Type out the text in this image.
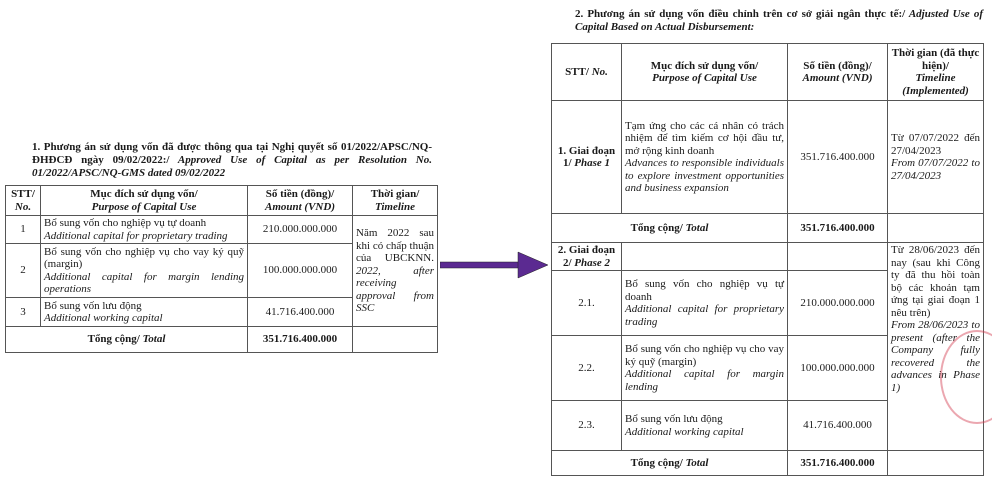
1. Phương án sử dụng vốn đã được thông qua tại Nghị quyết số 01/2022/APSC/NQ-ĐHĐCĐ ngày 09/02/2022:/ Approved Use of Capital as per Resolution No. 01/2022/APSC/NQ-GMS dated 09/02/2022
STT/
No.	Mục đích sử dụng vốn/
Purpose of Capital Use	Số tiền (đồng)/
Amount (VND)	Thời gian/
Timeline
1	Bổ sung vốn cho nghiệp vụ tự doanh
Additional capital for proprietary trading	210.000.000.000	Năm 2022 sau khi có chấp thuận của UBCKNN. 2022, after receiving approval from SSC
2	Bổ sung vốn cho nghiệp vụ cho vay ký quỹ (margin)
Additional capital for margin lending operations	100.000.000.000	
3	Bổ sung vốn lưu động
Additional working capital	41.716.400.000	
Tổng cộng/ Total		351.716.400.000	
2. Phương án sử dụng vốn điều chỉnh trên cơ sở giải ngân thực tế:/ Adjusted Use of Capital Based on Actual Disbursement:
STT/ No.	Mục đích sử dụng vốn/
Purpose of Capital Use	Số tiền (đồng)/
Amount (VND)	Thời gian (đã thực hiện)/
Timeline (Implemented)
1. Giai đoạn 1/ Phase 1	Tạm ứng cho các cá nhân có trách nhiệm để tìm kiếm cơ hội đầu tư, mở rộng kinh doanh
Advances to responsible individuals to explore investment opportunities and business expansion	351.716.400.000	Từ 07/07/2022 đến 27/04/2023
From 07/07/2022 to 27/04/2023
Tổng cộng/ Total		351.716.400.000	
2. Giai đoạn 2/ Phase 2			Từ 28/06/2023 đến nay (sau khi Công ty đã thu hồi toàn bộ các khoản tạm ứng tại giai đoạn 1 nêu trên)
From 28/06/2023 to present (after the Company fully recovered the advances in Phase 1)
2.1.	Bổ sung vốn cho nghiệp vụ tự doanh
Additional capital for proprietary trading	210.000.000.000	
2.2.	Bổ sung vốn cho nghiệp vụ cho vay ký quỹ (margin)
Additional capital for margin lending	100.000.000.000	
2.3.	Bổ sung vốn lưu động
Additional working capital	41.716.400.000	
Tổng cộng/ Total		351.716.400.000	
